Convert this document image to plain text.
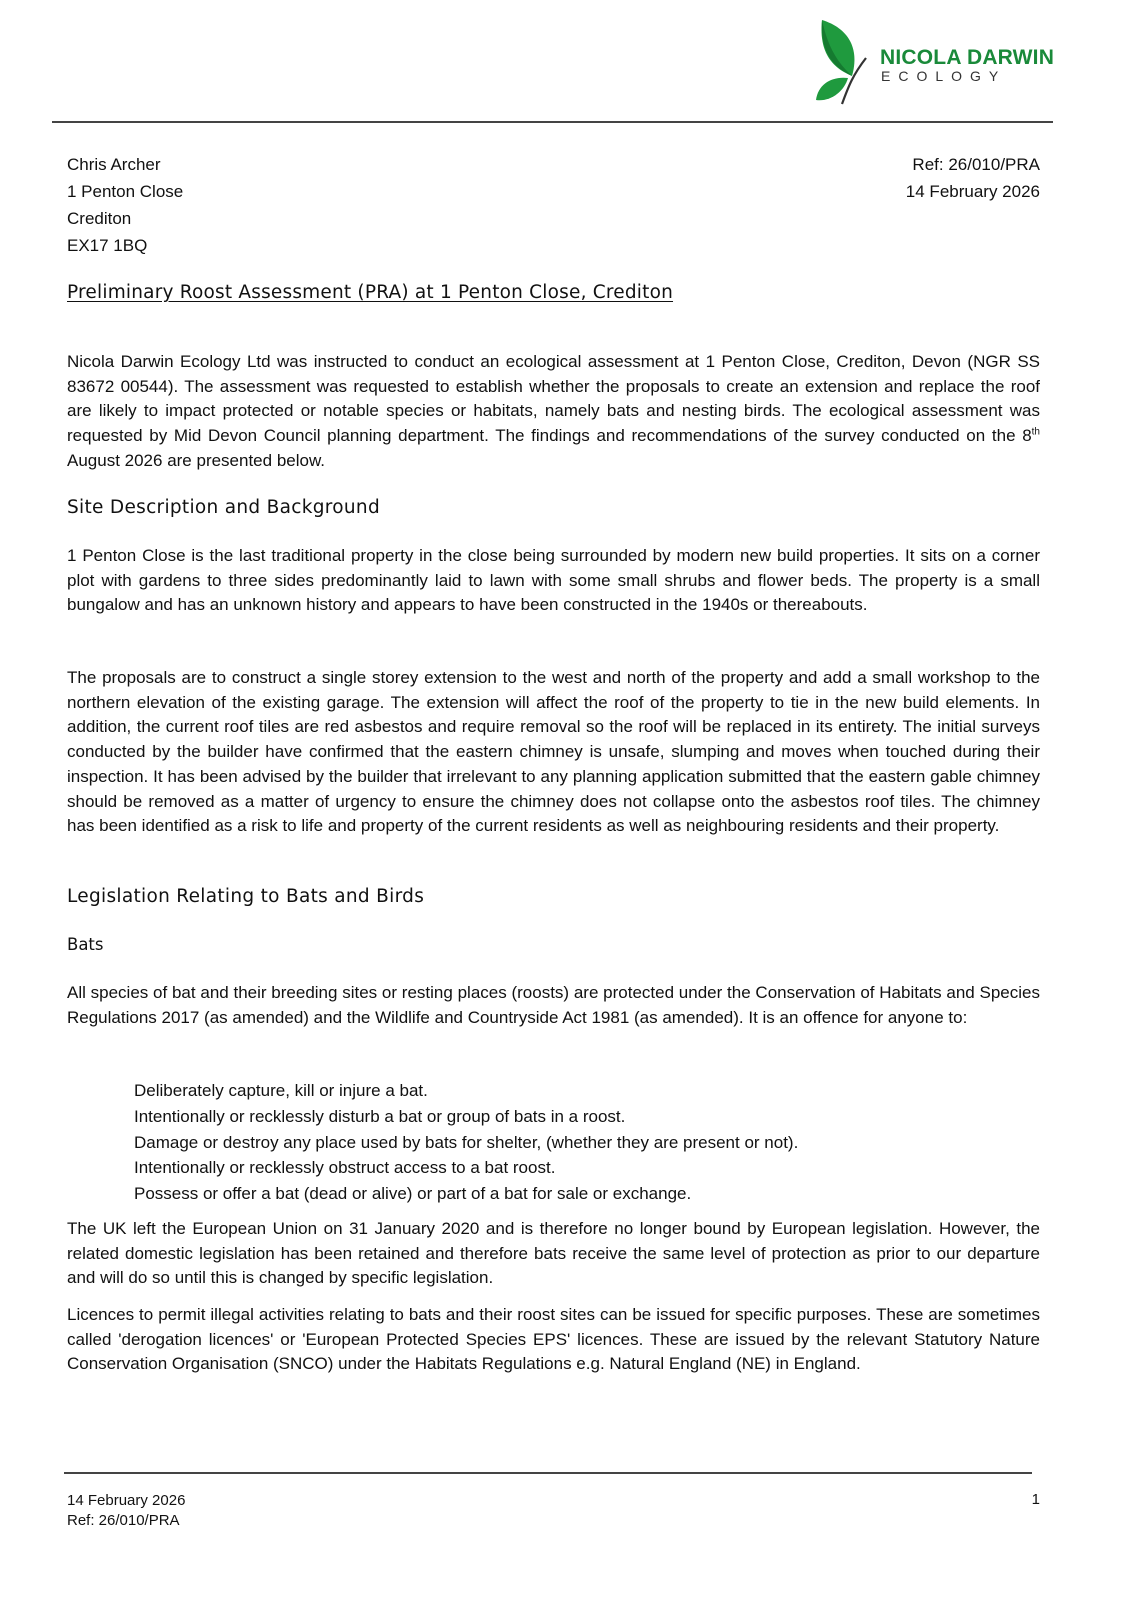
NICOLA DARWIN
ECOLOGY
Chris Archer
1 Penton Close
Crediton
EX17 1BQ
Ref: 26/010/PRA
14 February 2026
Preliminary Roost Assessment (PRA) at 1 Penton Close, Crediton

Nicola Darwin Ecology Ltd was instructed to conduct an ecological assessment at 1 Penton Close, Crediton, Devon (NGR SS 83672 00544). The assessment was requested to establish whether the proposals to create an extension and replace the roof are likely to impact protected or notable species or habitats, namely bats and nesting birds. The ecological assessment was requested by Mid Devon Council planning department. The findings and recommendations of the survey conducted on the 8th August 2026 are presented below.

Site Description and Background

1 Penton Close is the last traditional property in the close being surrounded by modern new build properties. It sits on a corner plot with gardens to three sides predominantly laid to lawn with some small shrubs and flower beds. The property is a small bungalow and has an unknown history and appears to have been constructed in the 1940s or thereabouts.

The proposals are to construct a single storey extension to the west and north of the property and add a small workshop to the northern elevation of the existing garage. The extension will affect the roof of the property to tie in the new build elements. In addition, the current roof tiles are red asbestos and require removal so the roof will be replaced in its entirety. The initial surveys conducted by the builder have confirmed that the eastern chimney is unsafe, slumping and moves when touched during their inspection. It has been advised by the builder that irrelevant to any planning application submitted that the eastern gable chimney should be removed as a matter of urgency to ensure the chimney does not collapse onto the asbestos roof tiles. The chimney has been identified as a risk to life and property of the current residents as well as neighbouring residents and their property.

Legislation Relating to Bats and Birds
Bats

All species of bat and their breeding sites or resting places (roosts) are protected under the Conservation of Habitats and Species Regulations 2017 (as amended) and the Wildlife and Countryside Act 1981 (as amended). It is an offence for anyone to:

Deliberately capture, kill or injure a bat.
Intentionally or recklessly disturb a bat or group of bats in a roost.
Damage or destroy any place used by bats for shelter, (whether they are present or not).
Intentionally or recklessly obstruct access to a bat roost.
Possess or offer a bat (dead or alive) or part of a bat for sale or exchange.

The UK left the European Union on 31 January 2020 and is therefore no longer bound by European legislation. However, the related domestic legislation has been retained and therefore bats receive the same level of protection as prior to our departure and will do so until this is changed by specific legislation.

Licences to permit illegal activities relating to bats and their roost sites can be issued for specific purposes. These are sometimes called 'derogation licences' or 'European Protected Species EPS' licences. These are issued by the relevant Statutory Nature Conservation Organisation (SNCO) under the Habitats Regulations e.g. Natural England (NE) in England.

14 February 2026
Ref: 26/010/PRA
1
